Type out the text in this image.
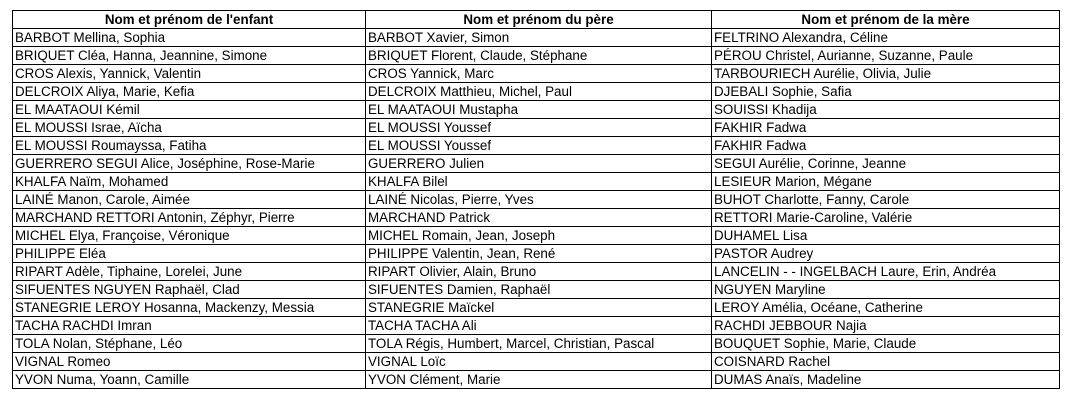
Nom et prénom de l'enfant	Nom et prénom du père	Nom et prénom de la mère
BARBOT Mellina, Sophia	BARBOT Xavier, Simon	FELTRINO Alexandra, Céline
BRIQUET Cléa, Hanna, Jeannine, Simone	BRIQUET Florent, Claude, Stéphane	PÉROU Christel, Aurianne, Suzanne, Paule
CROS Alexis, Yannick, Valentin	CROS Yannick, Marc	TARBOURIECH Aurélie, Olivia, Julie
DELCROIX Aliya, Marie, Kefia	DELCROIX Matthieu, Michel, Paul	DJEBALI Sophie, Safia
EL MAATAOUI Kémil	EL MAATAOUI Mustapha	SOUISSI Khadija
EL MOUSSI Israe, Aïcha	EL MOUSSI Youssef	FAKHIR Fadwa
EL MOUSSI Roumayssa, Fatiha	EL MOUSSI Youssef	FAKHIR Fadwa
GUERRERO SEGUI Alice, Joséphine, Rose-Marie	GUERRERO Julien	SEGUI Aurélie, Corinne, Jeanne
KHALFA Naïm, Mohamed	KHALFA Bilel	LESIEUR Marion, Mégane
LAINÉ Manon, Carole, Aimée	LAINÉ Nicolas, Pierre, Yves	BUHOT Charlotte, Fanny, Carole
MARCHAND RETTORI Antonin, Zéphyr, Pierre	MARCHAND Patrick	RETTORI Marie-Caroline, Valérie
MICHEL Elya, Françoise, Véronique	MICHEL Romain, Jean, Joseph	DUHAMEL Lisa
PHILIPPE Eléa	PHILIPPE Valentin, Jean, René	PASTOR Audrey
RIPART Adèle, Tiphaine, Lorelei, June	RIPART Olivier, Alain, Bruno	LANCELIN - - INGELBACH Laure, Erin, Andréa
SIFUENTES NGUYEN Raphaël, Clad	SIFUENTES Damien, Raphaël	NGUYEN Maryline
STANEGRIE LEROY Hosanna, Mackenzy, Messia	STANEGRIE Maïckel	LEROY Amélia, Océane, Catherine
TACHA RACHDI Imran	TACHA TACHA Ali	RACHDI JEBBOUR Najia
TOLA Nolan, Stéphane, Léo	TOLA Régis, Humbert, Marcel, Christian, Pascal	BOUQUET Sophie, Marie, Claude
VIGNAL Romeo	VIGNAL Loïc	COISNARD Rachel
YVON Numa, Yoann, Camille	YVON Clément, Marie	DUMAS Anaïs, Madeline
